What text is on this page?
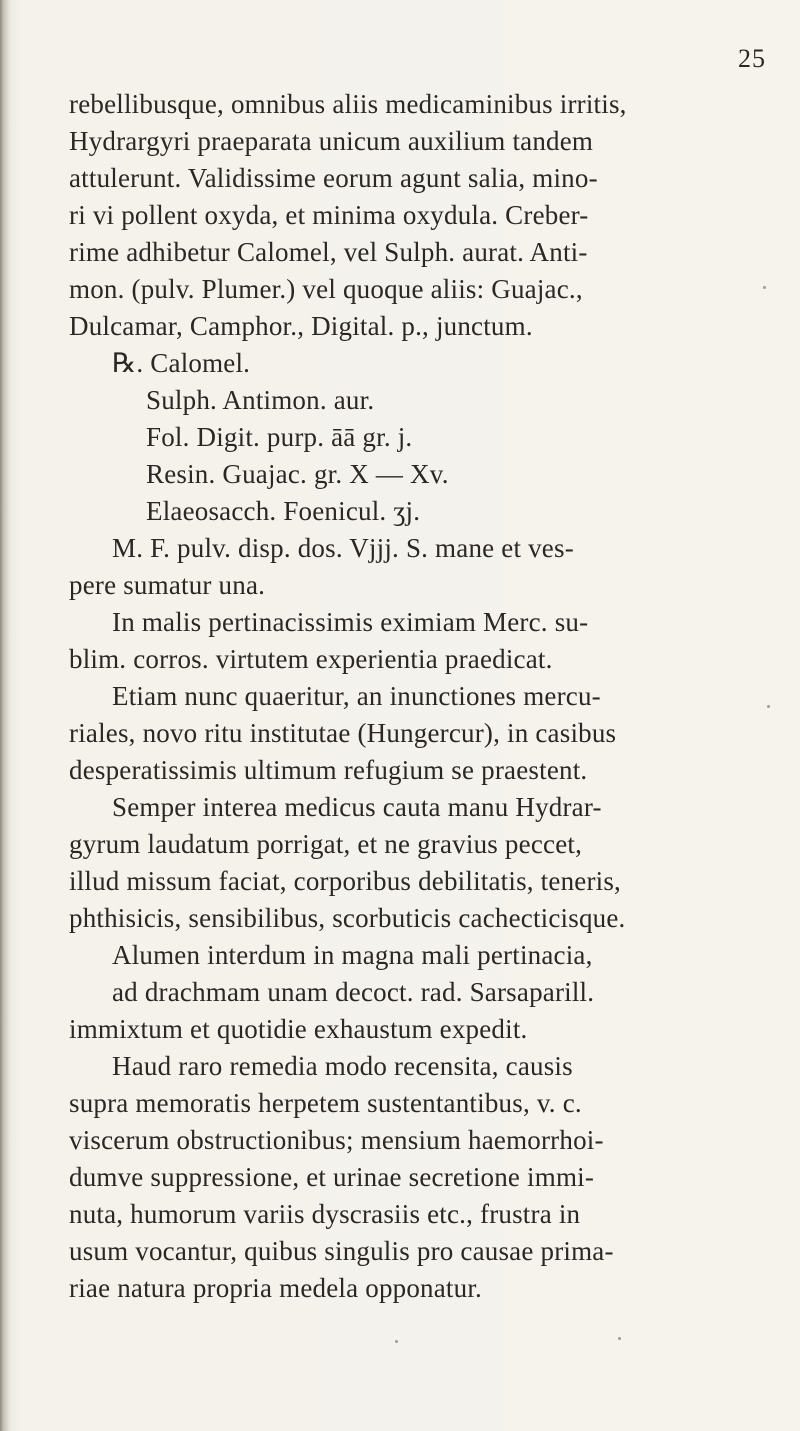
25
rebellibusque, omnibus aliis medicaminibus irritis,
Hydrargyri praeparata unicum auxilium tandem
attulerunt. Validissime eorum agunt salia, mino-
ri vi pollent oxyda, et minima oxydula. Creber-
rime adhibetur Calomel, vel Sulph. aurat. Anti-
mon. (pulv. Plumer.) vel quoque aliis: Guajac.,
Dulcamar, Camphor., Digital. p., junctum.
℞. Calomel.
Sulph. Antimon. aur.
Fol. Digit. purp. āā gr. j.
Resin. Guajac. gr. X — Xv.
Elaeosacch. Foenicul. ʒj.
M. F. pulv. disp. dos. Vjjj. S. mane et ves-
pere sumatur una.
In malis pertinacissimis eximiam Merc. su-
blim. corros. virtutem experientia praedicat.
Etiam nunc quaeritur, an inunctiones mercu-
riales, novo ritu institutae (Hungercur), in casibus
desperatissimis ultimum refugium se praestent.
Semper interea medicus cauta manu Hydrar-
gyrum laudatum porrigat, et ne gravius peccet,
illud missum faciat, corporibus debilitatis, teneris,
phthisicis, sensibilibus, scorbuticis cachecticisque.
Alumen interdum in magna mali pertinacia,
ad drachmam unam decoct. rad. Sarsaparill.
immixtum et quotidie exhaustum expedit.
Haud raro remedia modo recensita, causis
supra memoratis herpetem sustentantibus, v. c.
viscerum obstructionibus; mensium haemorrhoi-
dumve suppressione, et urinae secretione immi-
nuta, humorum variis dyscrasiis etc., frustra in
usum vocantur, quibus singulis pro causae prima-
riae natura propria medela opponatur.
